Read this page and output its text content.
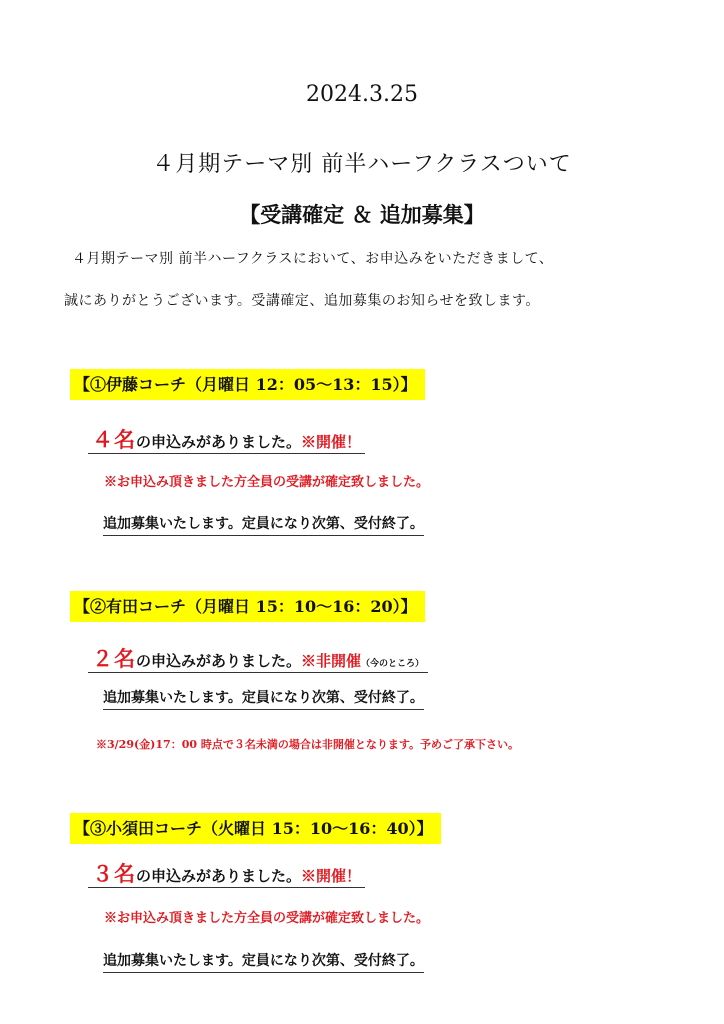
2024.3.25
４月期テーマ別 前半ハーフクラスついて
【受講確定 ＆ 追加募集】
４月期テーマ別 前半ハーフクラスにおいて、お申込みをいただきまして、
誠にありがとうございます。受講確定、追加募集のお知らせを致します。
【①伊藤コーチ（月曜日 12：05〜13：15）】
４名の申込みがありました。※開催！
※お申込み頂きました方全員の受講が確定致しました。
追加募集いたします。定員になり次第、受付終了。
【②有田コーチ（月曜日 15：10〜16：20）】
２名の申込みがありました。※非開催（今のところ）
追加募集いたします。定員になり次第、受付終了。
※3/29(金)17：00 時点で３名未満の場合は非開催となります。予めご了承下さい。
【③小須田コーチ（火曜日 15：10〜16：40）】
３名の申込みがありました。※開催！
※お申込み頂きました方全員の受講が確定致しました。
追加募集いたします。定員になり次第、受付終了。
